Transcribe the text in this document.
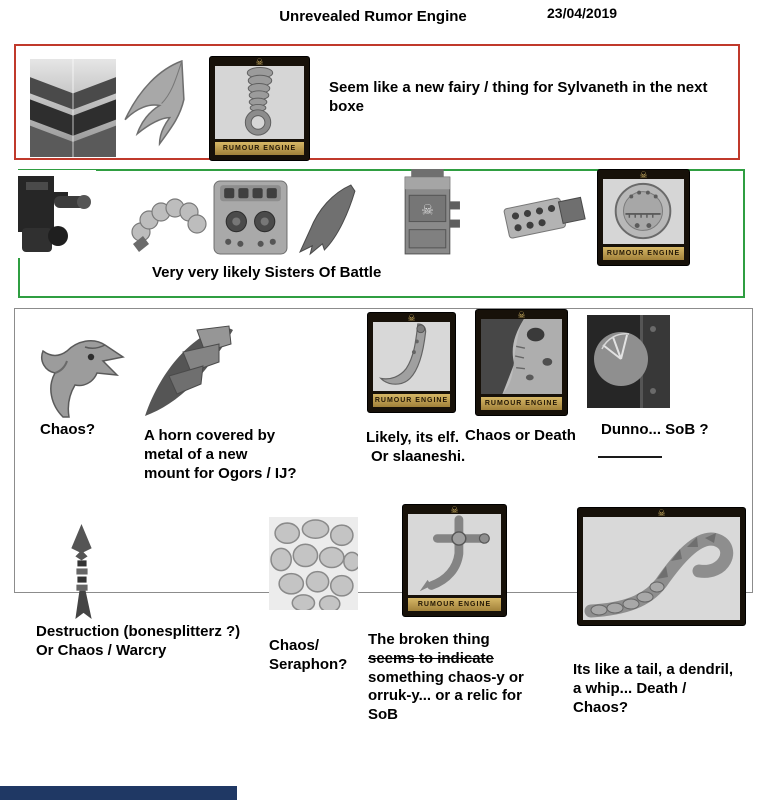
Unrevealed Rumor Engine	23/04/2019
☠
RUMOUR ENGINE
Seem like a new fairy / thing for Sylvaneth in the next
boxe
☠
☠
RUMOUR ENGINE
Very very likely Sisters Of Battle
Chaos?	A horn covered by
metal of a new
mount for Ogors / IJ?
☠
RUMOUR ENGINE
Likely, its elf.
Or slaaneshi.
☠
RUMOUR ENGINE
Chaos or Death Dunno... SoB ?
Destruction (bonesplitterz ?)
Or Chaos / Warcry	Chaos/
Seraphon?
☠
RUMOUR ENGINE
The broken thing
seems to indicate
something chaos-y or
orruk-y... or a relic for
SoB
☠
Its like a tail, a dendril,
a whip... Death /
Chaos?
